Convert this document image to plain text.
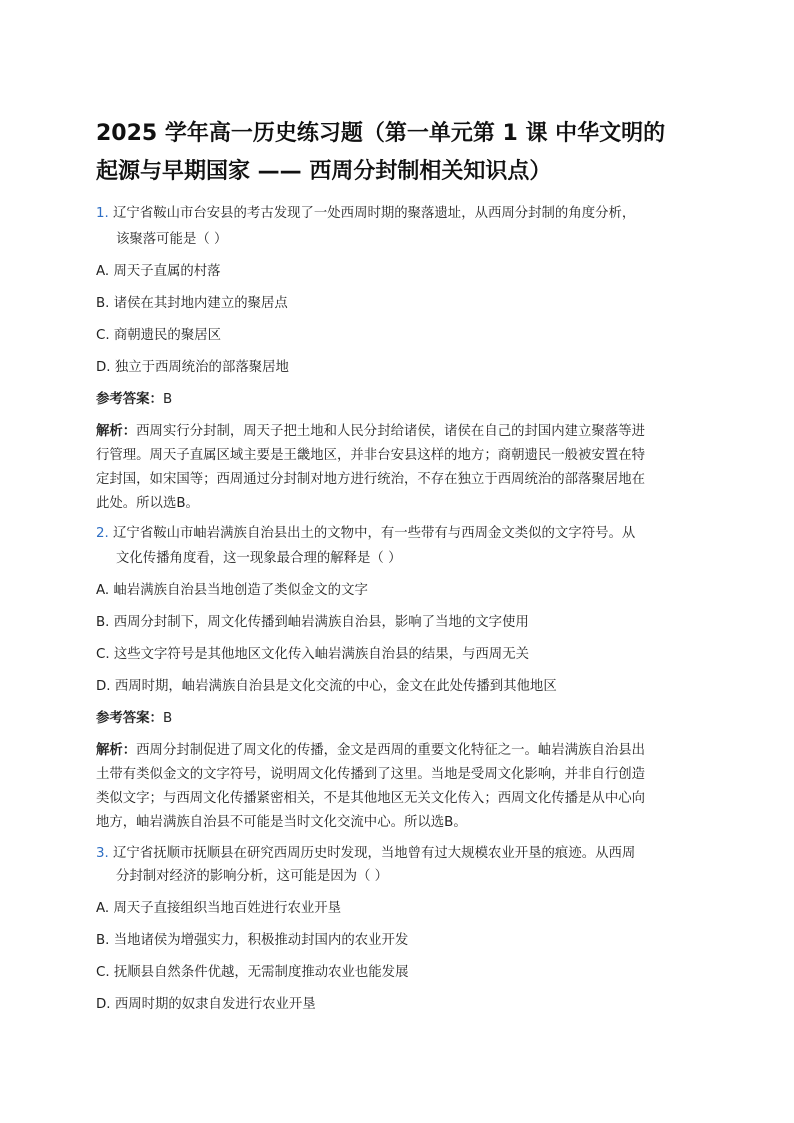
2025 学年高一历史练习题（第一单元第 1 课 中华文明的
起源与早期国家 —— 西周分封制相关知识点）
1. 辽宁省鞍山市台安县的考古发现了一处西周时期的聚落遗址，从西周分封制的角度分析，
该聚落可能是（ ）
A. 周天子直属的村落
B. 诸侯在其封地内建立的聚居点
C. 商朝遗民的聚居区
D. 独立于西周统治的部落聚居地
参考答案：B
解析：西周实行分封制，周天子把土地和人民分封给诸侯，诸侯在自己的封国内建立聚落等进
行管理。周天子直属区域主要是王畿地区，并非台安县这样的地方；商朝遗民一般被安置在特
定封国，如宋国等；西周通过分封制对地方进行统治，不存在独立于西周统治的部落聚居地在
此处。所以选B。
2. 辽宁省鞍山市岫岩满族自治县出土的文物中，有一些带有与西周金文类似的文字符号。从
文化传播角度看，这一现象最合理的解释是（ ）
A. 岫岩满族自治县当地创造了类似金文的文字
B. 西周分封制下，周文化传播到岫岩满族自治县，影响了当地的文字使用
C. 这些文字符号是其他地区文化传入岫岩满族自治县的结果，与西周无关
D. 西周时期，岫岩满族自治县是文化交流的中心，金文在此处传播到其他地区
参考答案：B
解析：西周分封制促进了周文化的传播，金文是西周的重要文化特征之一。岫岩满族自治县出
土带有类似金文的文字符号，说明周文化传播到了这里。当地是受周文化影响，并非自行创造
类似文字；与西周文化传播紧密相关，不是其他地区无关文化传入；西周文化传播是从中心向
地方，岫岩满族自治县不可能是当时文化交流中心。所以选B。
3. 辽宁省抚顺市抚顺县在研究西周历史时发现，当地曾有过大规模农业开垦的痕迹。从西周
分封制对经济的影响分析，这可能是因为（ ）
A. 周天子直接组织当地百姓进行农业开垦
B. 当地诸侯为增强实力，积极推动封国内的农业开发
C. 抚顺县自然条件优越，无需制度推动农业也能发展
D. 西周时期的奴隶自发进行农业开垦
